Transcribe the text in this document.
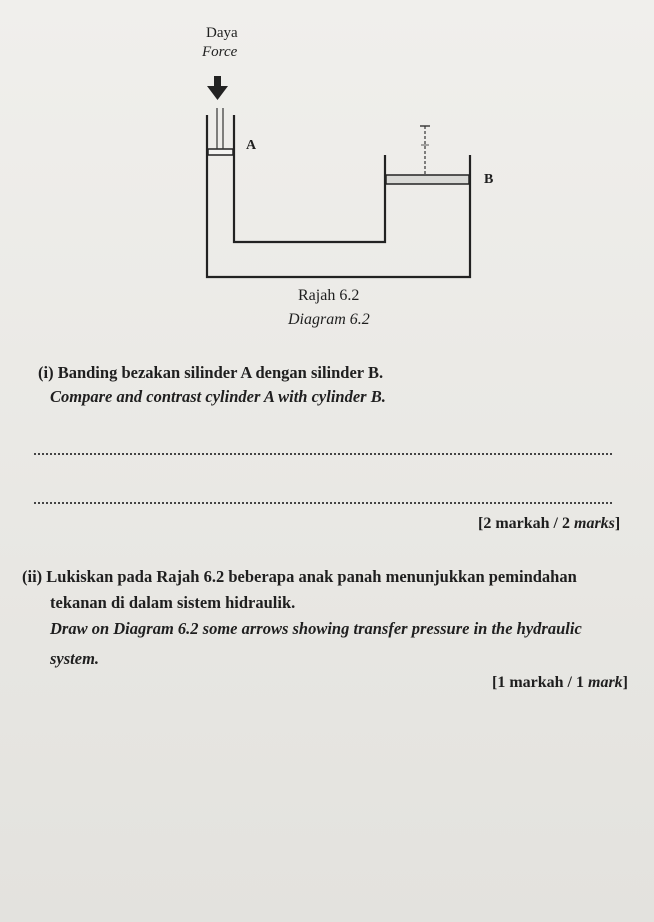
Daya
Force
A
B
Rajah 6.2
Diagram 6.2
(i) Banding bezakan silinder A dengan silinder B.
Compare and contrast cylinder A with cylinder B.
[2 markah / 2 marks]
(ii) Lukiskan pada Rajah 6.2 beberapa anak panah menunjukkan pemindahan
tekanan di dalam sistem hidraulik.
Draw on Diagram 6.2 some arrows showing transfer pressure in the hydraulic
system.
[1 markah / 1 mark]
